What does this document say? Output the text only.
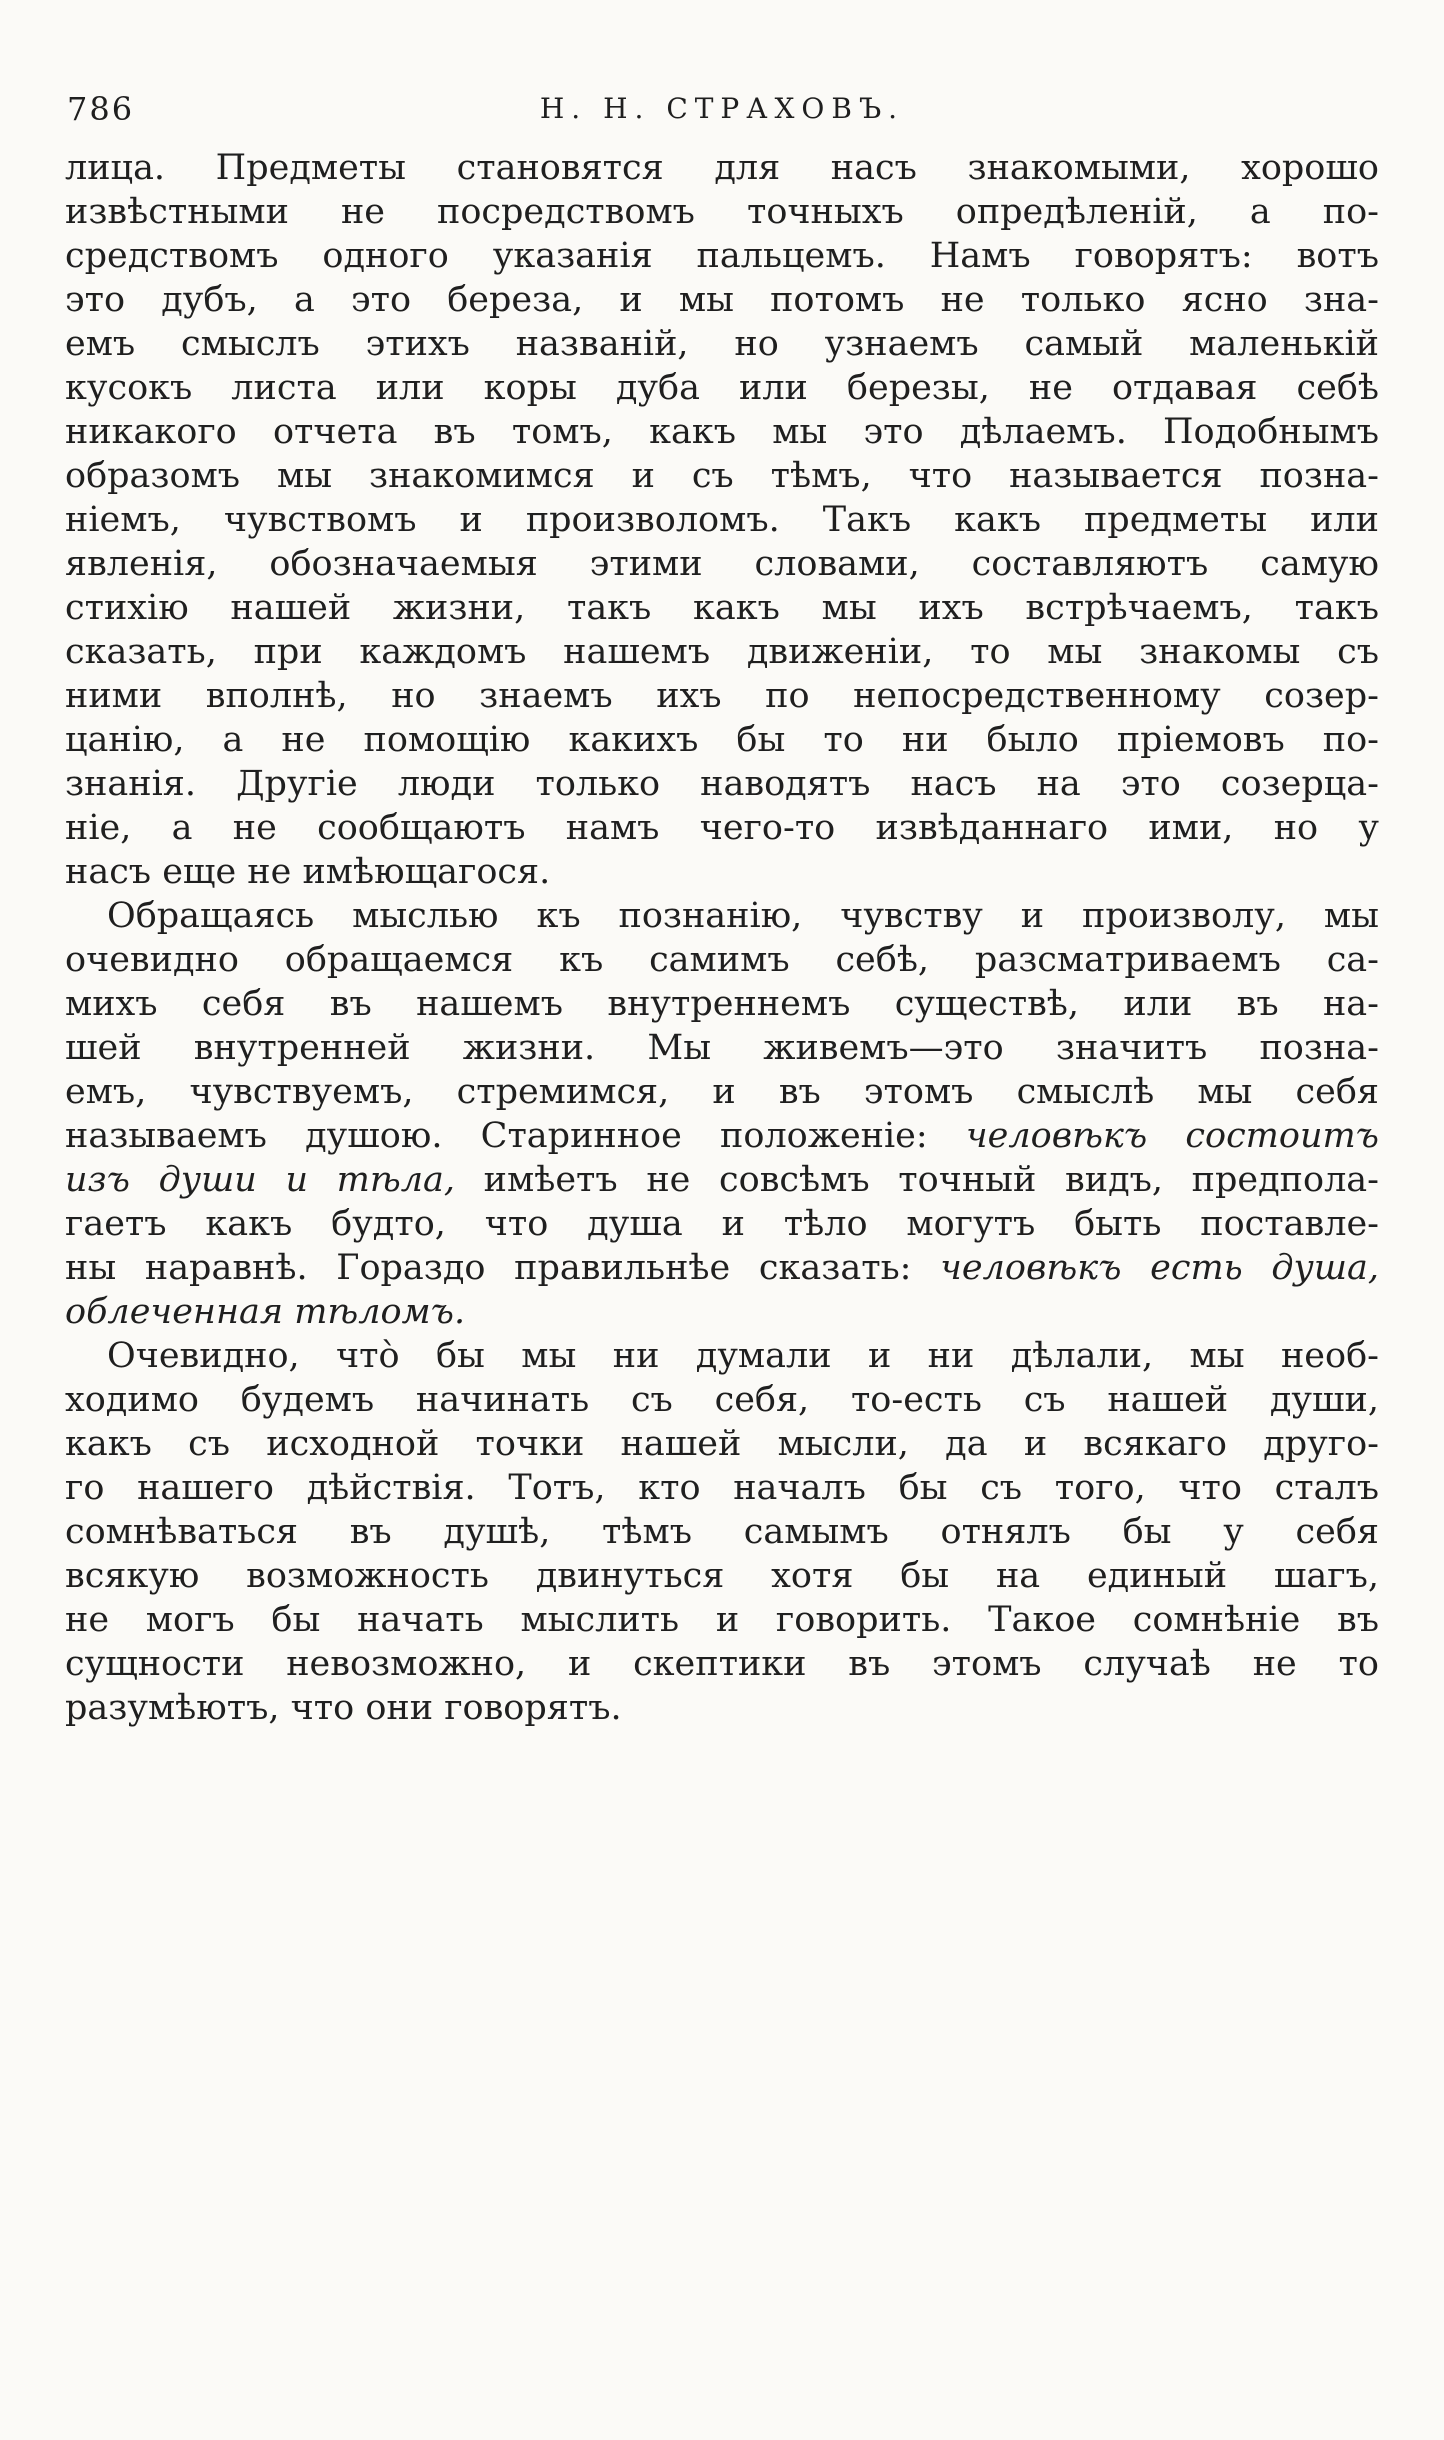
786	Н. Н. СТРАХОВЪ.
лица. Предметы становятся для насъ знакомыми, хорошо
извѣстными не посредствомъ точныхъ опредѣленій, а по-
средствомъ одного указанія пальцемъ. Намъ говорятъ: вотъ
это дубъ, а это береза, и мы потомъ не только ясно зна-
емъ смыслъ этихъ названій, но узнаемъ самый маленькій
кусокъ листа или коры дуба или березы, не отдавая себѣ
никакого отчета въ томъ, какъ мы это дѣлаемъ. Подобнымъ
образомъ мы знакомимся и съ тѣмъ, что называется позна-
ніемъ, чувствомъ и произволомъ. Такъ какъ предметы или
явленія, обозначаемыя этими словами, составляютъ самую
стихію нашей жизни, такъ какъ мы ихъ встрѣчаемъ, такъ
сказать, при каждомъ нашемъ движеніи, то мы знакомы съ
ними вполнѣ, но знаемъ ихъ по непосредственному созер-
цанію, а не помощію какихъ бы то ни было пріемовъ по-
знанія. Другіе люди только наводятъ насъ на это созерца-
ніе, а не сообщаютъ намъ чего-то извѣданнаго ими, но у
насъ еще не имѣющагося.
Обращаясь мыслью къ познанію, чувству и произволу, мы
очевидно обращаемся къ самимъ себѣ, разсматриваемъ са-
михъ себя въ нашемъ внутреннемъ существѣ, или въ на-
шей внутренней жизни. Мы живемъ—это значитъ позна-
емъ, чувствуемъ, стремимся, и въ этомъ смыслѣ мы себя
называемъ душою. Старинное положеніе: человѣкъ состоитъ
изъ души и тѣла, имѣетъ не совсѣмъ точный видъ, предпола-
гаетъ какъ будто, что душа и тѣло могутъ быть поставле-
ны наравнѣ. Гораздо правильнѣе сказать: человѣкъ есть душа,
облеченная тѣломъ.
Очевидно, что̀ бы мы ни думали и ни дѣлали, мы необ-
ходимо будемъ начинать съ себя, то-есть съ нашей души,
какъ съ исходной точки нашей мысли, да и всякаго друго-
го нашего дѣйствія. Тотъ, кто началъ бы съ того, что сталъ
сомнѣваться въ душѣ, тѣмъ самымъ отнялъ бы у себя
всякую возможность двинуться хотя бы на единый шагъ,
не могъ бы начать мыслить и говорить. Такое сомнѣніе въ
сущности невозможно, и скептики въ этомъ случаѣ не то
разумѣютъ, что они говорятъ.
